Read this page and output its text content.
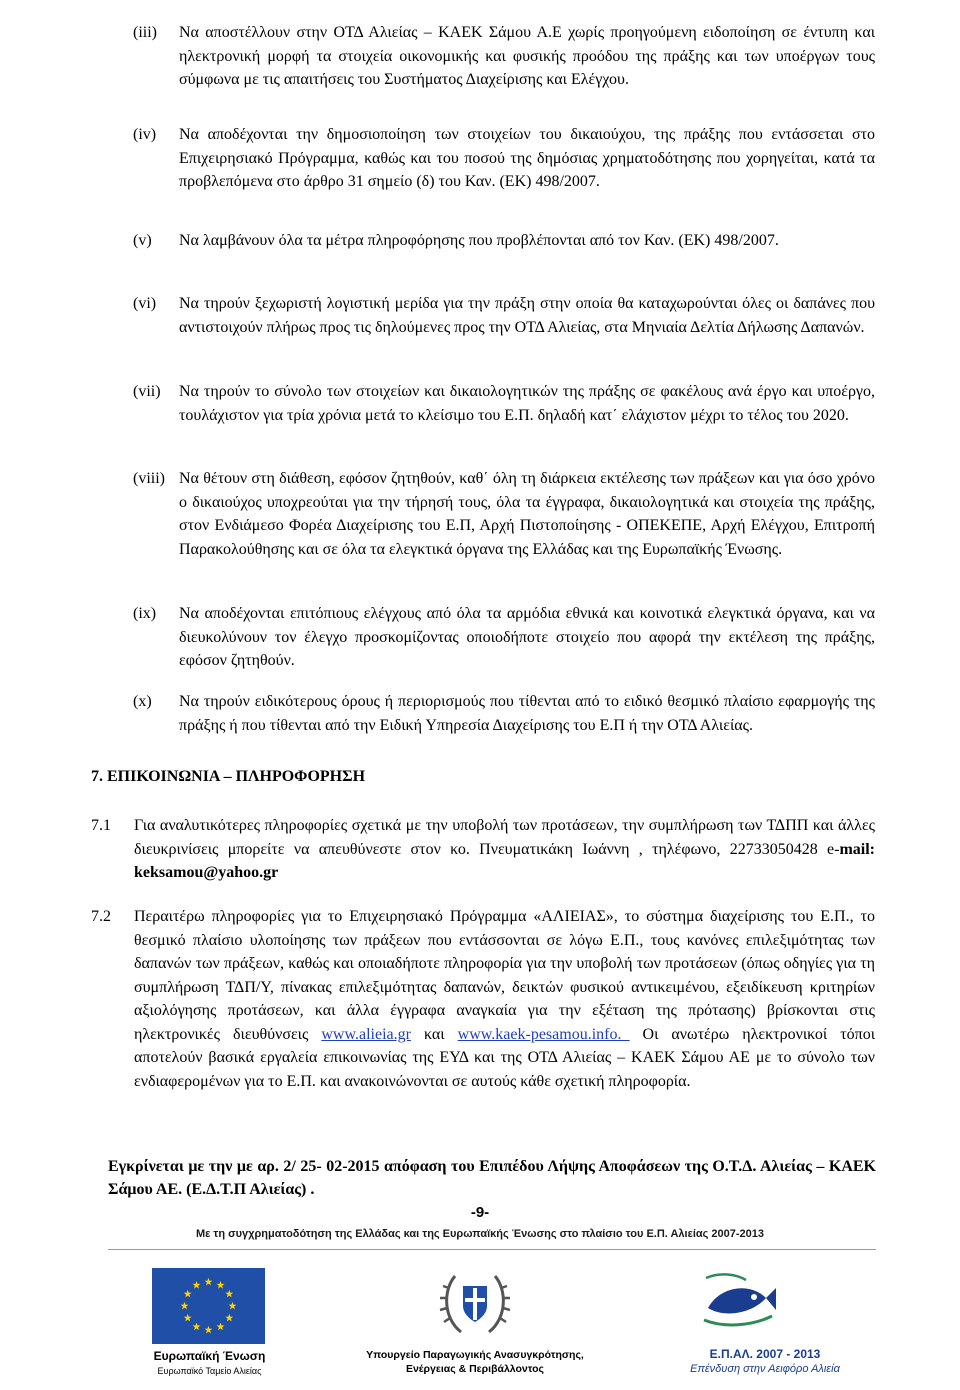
(iii)	Να αποστέλλουν στην ΟΤΔ Αλιείας – ΚΑΕΚ Σάμου Α.Ε χωρίς προηγούμενη ειδοποίηση σε έντυπη και ηλεκτρονική μορφή τα στοιχεία οικονομικής και φυσικής προόδου της πράξης και των υποέργων τους σύμφωνα με τις απαιτήσεις του Συστήματος Διαχείρισης και Ελέγχου.
(iv)	Να αποδέχονται την δημοσιοποίηση των στοιχείων του δικαιούχου, της πράξης που εντάσσεται στο Επιχειρησιακό Πρόγραμμα, καθώς και του ποσού της δημόσιας χρηματοδότησης που χορηγείται, κατά τα προβλεπόμενα στο άρθρο 31 σημείο (δ) του Καν. (ΕΚ) 498/2007.
(v)	Να λαμβάνουν όλα τα μέτρα πληροφόρησης που προβλέπονται από τον Καν. (ΕΚ) 498/2007.
(vi)	Να τηρούν ξεχωριστή λογιστική μερίδα για την πράξη στην οποία θα καταχωρούνται όλες οι δαπάνες που αντιστοιχούν πλήρως προς τις δηλούμενες προς την ΟΤΔ Αλιείας, στα Μηνιαία Δελτία Δήλωσης Δαπανών.
(vii)	Να τηρούν το σύνολο των στοιχείων και δικαιολογητικών της πράξης σε φακέλους ανά έργο και υποέργο, τουλάχιστον για τρία χρόνια μετά το κλείσιμο του Ε.Π. δηλαδή κατ΄ ελάχιστον μέχρι το τέλος του 2020.
(viii) Να θέτουν στη διάθεση, εφόσον ζητηθούν, καθ΄ όλη τη διάρκεια εκτέλεσης των πράξεων και για όσο χρόνο ο δικαιούχος υποχρεούται για την τήρησή τους, όλα τα έγγραφα, δικαιολογητικά και στοιχεία της πράξης, στον Ενδιάμεσο Φορέα Διαχείρισης του Ε.Π, Αρχή Πιστοποίησης - ΟΠΕΚΕΠΕ, Αρχή Ελέγχου, Επιτροπή Παρακολούθησης και σε όλα τα ελεγκτικά όργανα της Ελλάδας και της Ευρωπαϊκής Ένωσης.
(ix)	Να αποδέχονται επιτόπιους ελέγχους από όλα τα αρμόδια εθνικά και κοινοτικά ελεγκτικά όργανα, και να διευκολύνουν τον έλεγχο προσκομίζοντας οποιοδήποτε στοιχείο που αφορά την εκτέλεση της πράξης, εφόσον ζητηθούν.
(x)	Να τηρούν ειδικότερους όρους ή περιορισμούς που τίθενται από το ειδικό θεσμικό πλαίσιο εφαρμογής της πράξης ή που τίθενται από την Ειδική Υπηρεσία Διαχείρισης του Ε.Π ή την ΟΤΔ Αλιείας.
7. ΕΠΙΚΟΙΝΩΝΙΑ – ΠΛΗΡΟΦΟΡΗΣΗ
7.1	Για αναλυτικότερες πληροφορίες σχετικά με την υποβολή των προτάσεων, την συμπλήρωση των ΤΔΠΠ και άλλες διευκρινίσεις μπορείτε να απευθύνεστε στον κο. Πνευματικάκη Ιωάννη , τηλέφωνο, 22733050428 e-mail: keksamou@yahoo.gr
7.2	Περαιτέρω πληροφορίες για το Επιχειρησιακό Πρόγραμμα «ΑΛΙΕΙΑΣ», το σύστημα διαχείρισης του Ε.Π., το θεσμικό πλαίσιο υλοποίησης των πράξεων που εντάσσονται σε λόγω Ε.Π., τους κανόνες επιλεξιμότητας των δαπανών των πράξεων, καθώς και οποιαδήποτε πληροφορία για την υποβολή των προτάσεων (όπως οδηγίες για τη συμπλήρωση ΤΔΠ/Υ, πίνακας επιλεξιμότητας δαπανών, δεικτών φυσικού αντικειμένου, εξειδίκευση κριτηρίων αξιολόγησης προτάσεων, και άλλα έγγραφα αναγκαία για την εξέταση της πρότασης) βρίσκονται στις ηλεκτρονικές διευθύνσεις www.alieia.gr και www.kaek-pesamou.info._ Οι ανωτέρω ηλεκτρονικοί τόποι αποτελούν βασικά εργαλεία επικοινωνίας της ΕΥΔ και της ΟΤΔ Αλιείας – ΚΑΕΚ Σάμου ΑΕ με το σύνολο των ενδιαφερομένων για το Ε.Π. και ανακοινώνονται σε αυτούς κάθε σχετική πληροφορία.
Εγκρίνεται με την με αρ. 2/ 25- 02-2015 απόφαση του Επιπέδου Λήψης Αποφάσεων της Ο.Τ.Δ. Αλιείας – ΚΑΕΚ Σάμου ΑΕ. (Ε.Δ.Τ.Π Αλιείας) .
-9-
Με τη συγχρηματοδότηση της Ελλάδας και της Ευρωπαϊκής Ένωσης στο πλαίσιο του Ε.Π. Αλιείας 2007-2013
Ευρωπαϊκή Ένωση
Ευρωπαϊκό Ταμείο Αλιείας
Υπουργείο Παραγωγικής Ανασυγκρότησης,
Ενέργειας & Περιβάλλοντος
Ε.Π.ΑΛ. 2007 - 2013
Επένδυση στην Αειφόρο Αλιεία
